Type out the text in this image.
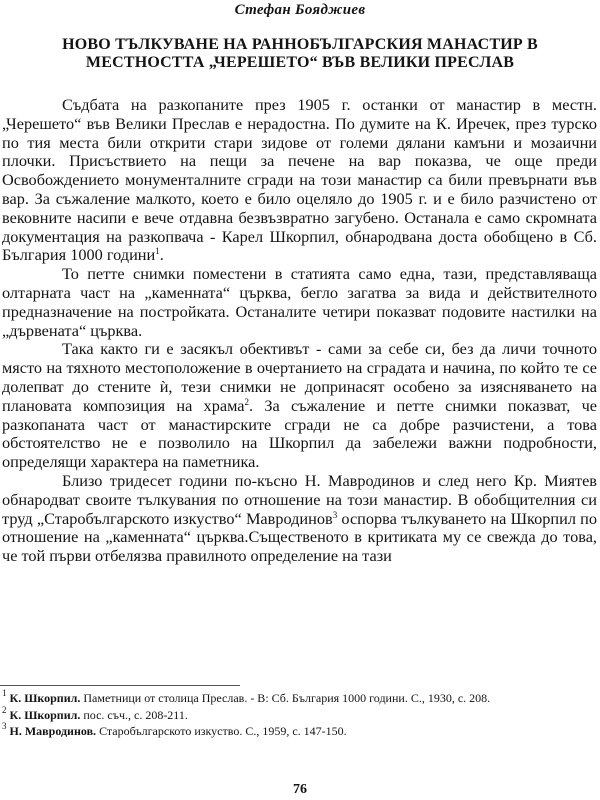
Стефан Бояджиев
НОВО ТЪЛКУВАНЕ НА РАННОБЪЛГАРСКИЯ МАНАСТИР В
МЕСТНОСТТА „ЧЕРЕШЕТО“ ВЪВ ВЕЛИКИ ПРЕСЛАВ

Съдбата на разкопаните през 1905 г. останки от манастир в местн. „Черешето“ във Велики Преслав е нерадостна. По думите на К. Иречек, през турско по тия места били открити стари зидове от големи дялани камъни и мозаични плочки. Присъствието на пещи за печене на вар показва, че още преди Освобождението монументалните сгради на този манастир са били превърнати във вар. За съжаление малкото, което е било оцеляло до 1905 г. и е било разчистено от вековните насипи е вече отдавна безвъзвратно загубено. Останала е само скромната документация на разкопвача - Карел Шкорпил, обнародвана доста обобщено в Сб. България 1000 години$^1$.

То петте снимки поместени в статията само една, тази, представляваща олтарната част на „каменната“ църква, бегло загатва за вида и действителното предназначение на постройката. Останалите четири показват подовите настилки на „дървената“ църква.

Така както ги е засякъл обективът - сами за себе си, без да личи точното място на тяхното местоположение в очертанието на сградата и начина, по който те се долепват до стените ѝ, тези снимки не допринасят особено за изясняването на плановата композиция на храма$^2$. За съжаление и петте снимки показват, че разкопаната част от манастирските сгради не са добре разчистени, а това обстоятелство не е позволило на Шкорпил да забележи важни подробности, определящи характера на паметника.

Близо тридесет години по-късно Н. Мавродинов и след него Кр. Миятев обнародват своите тълкувания по отношение на този манастир. В обобщителния си труд „Старобългарското изкуство“ Мавродинов$^3$ оспорва тълкуването на Шкорпил по отношение на „каменната“ църква.Същественото в критиката му се свежда до това, че той първи отбелязва правилното определение на тази

$^1$ К. Шкорпил. Паметници от столица Преслав. - В: Сб. България 1000 години. С., 1930, с. 208.

$^2$ К. Шкорпил. пос. съч., с. 208-211.

$^3$ Н. Мавродинов. Старобългарското изкуство. С., 1959, с. 147-150.

76
